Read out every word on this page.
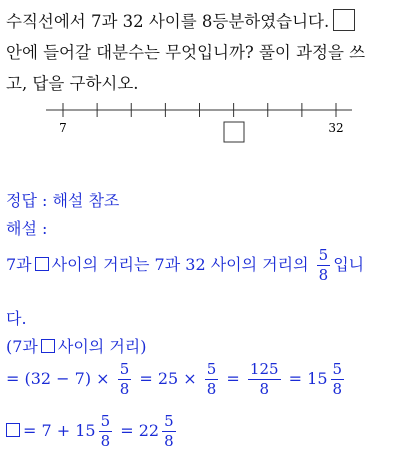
수직선에서 7과 32 사이를 8등분하였습니다.
안에 들어갈 대분수는 무엇입니까? 풀이 과정을 쓰
고, 답을 구하시오.
7	32
정답 : 해설 참조
해설 :
7과 사이의 거리는 7과 32 사이의 거리의 $\frac{5}{8}$ 입니
다.
(7과 사이의 거리)
= $(32 - 7) \times \frac{5}{8} = 25 \times \frac{5}{8} = \frac{125}{8} = 15 \frac{5}{8}$
= $7 + 15 \frac{5}{8} = 22 \frac{5}{8}$
